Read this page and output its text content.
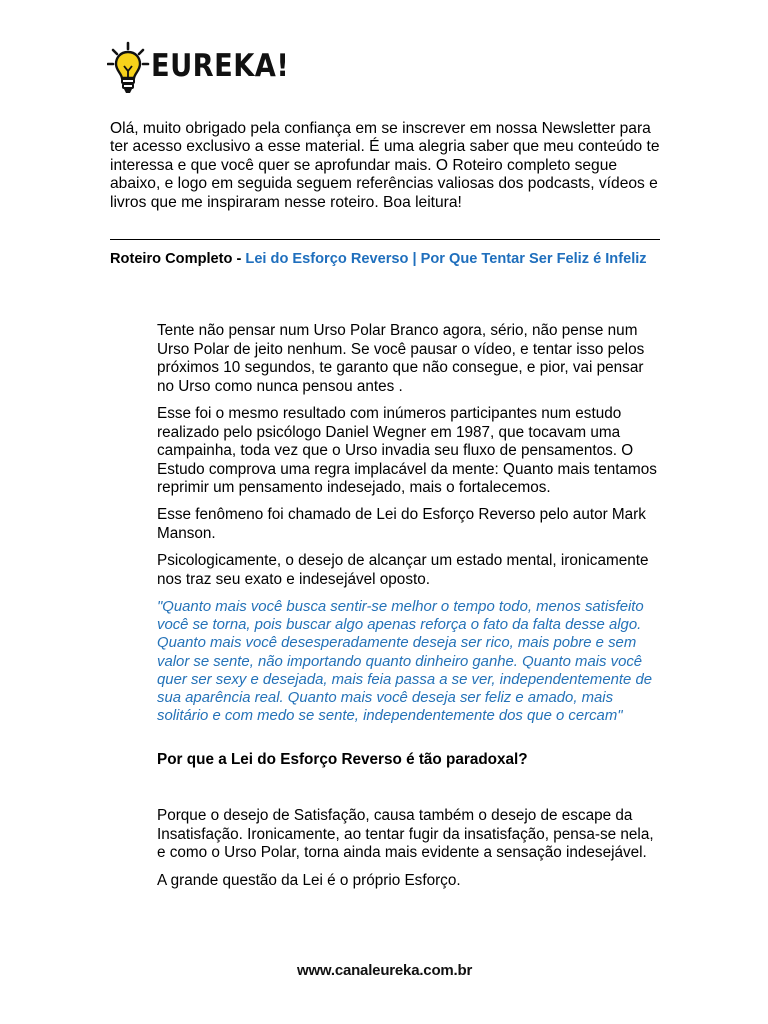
EUREKA!
Olá, muito obrigado pela confiança em se inscrever em nossa Newsletter para ter acesso exclusivo a esse material. É uma alegria saber que meu conteúdo te interessa e que você quer se aprofundar mais. O Roteiro completo segue abaixo, e logo em seguida seguem referências valiosas dos podcasts, vídeos e livros que me inspiraram nesse roteiro. Boa leitura!
Roteiro Completo - Lei do Esforço Reverso | Por Que Tentar Ser Feliz é Infeliz
Tente não pensar num Urso Polar Branco agora, sério, não pense num Urso Polar de jeito nenhum. Se você pausar o vídeo, e tentar isso pelos próximos 10 segundos, te garanto que não consegue, e pior, vai pensar no Urso como nunca pensou antes .
Esse foi o mesmo resultado com inúmeros participantes num estudo realizado pelo psicólogo Daniel Wegner em 1987, que tocavam uma campainha, toda vez que o Urso invadia seu fluxo de pensamentos. O Estudo comprova uma regra implacável da mente: Quanto mais tentamos reprimir um pensamento indesejado, mais o fortalecemos.
Esse fenômeno foi chamado de Lei do Esforço Reverso pelo autor Mark Manson.
Psicologicamente, o desejo de alcançar um estado mental, ironicamente nos traz seu exato e indesejável oposto.
"Quanto mais você busca sentir-se melhor o tempo todo, menos satisfeito você se torna, pois buscar algo apenas reforça o fato da falta desse algo. Quanto mais você desesperadamente deseja ser rico, mais pobre e sem valor se sente, não importando quanto dinheiro ganhe. Quanto mais você quer ser sexy e desejada, mais feia passa a se ver, independentemente de sua aparência real. Quanto mais você deseja ser feliz e amado, mais solitário e com medo se sente, independentemente dos que o cercam"
Por que a Lei do Esforço Reverso é tão paradoxal?
Porque o desejo de Satisfação, causa também o desejo de escape da Insatisfação. Ironicamente, ao tentar fugir da insatisfação, pensa-se nela, e como o Urso Polar, torna ainda mais evidente a sensação indesejável.
A grande questão da Lei é o próprio Esforço.
www.canaleureka.com.br
